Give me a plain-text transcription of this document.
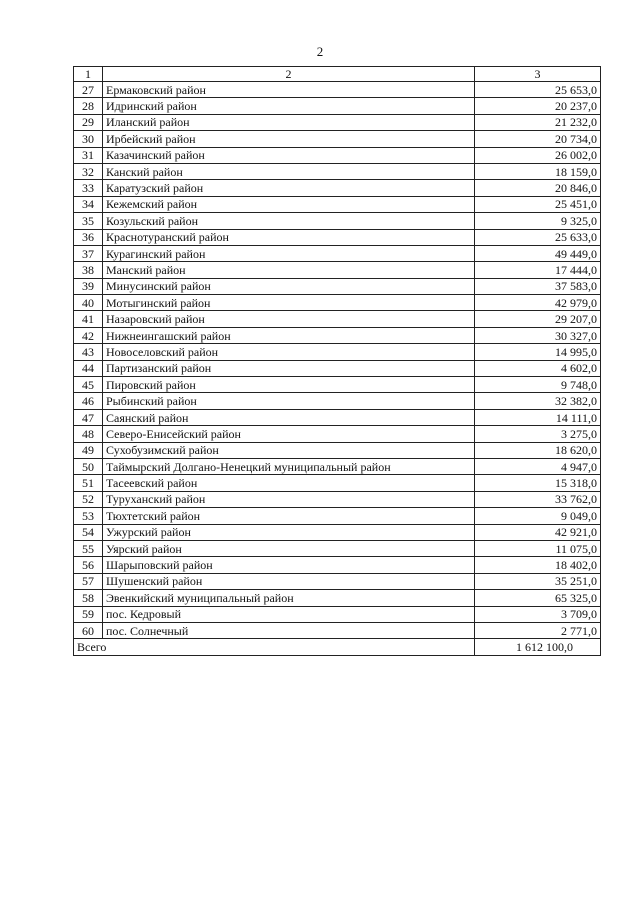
2
1	2	3
27	Ермаковский район	25 653,0
28	Идринский район	20 237,0
29	Иланский район	21 232,0
30	Ирбейский район	20 734,0
31	Казачинский район	26 002,0
32	Канский район	18 159,0
33	Каратузский район	20 846,0
34	Кежемский район	25 451,0
35	Козульский район	9 325,0
36	Краснотуранский район	25 633,0
37	Курагинский район	49 449,0
38	Манский район	17 444,0
39	Минусинский район	37 583,0
40	Мотыгинский район	42 979,0
41	Назаровский район	29 207,0
42	Нижнеингашский район	30 327,0
43	Новоселовский район	14 995,0
44	Партизанский район	4 602,0
45	Пировский район	9 748,0
46	Рыбинский район	32 382,0
47	Саянский район	14 111,0
48	Северо-Енисейский район	3 275,0
49	Сухобузимский район	18 620,0
50	Таймырский Долгано-Ненецкий муниципальный район	4 947,0
51	Тасеевский район	15 318,0
52	Туруханский район	33 762,0
53	Тюхтетский район	9 049,0
54	Ужурский район	42 921,0
55	Уярский район	11 075,0
56	Шарыповский район	18 402,0
57	Шушенский район	35 251,0
58	Эвенкийский муниципальный район	65 325,0
59	пос. Кедровый	3 709,0
60	пос. Солнечный	2 771,0
Всего		1 612 100,0
